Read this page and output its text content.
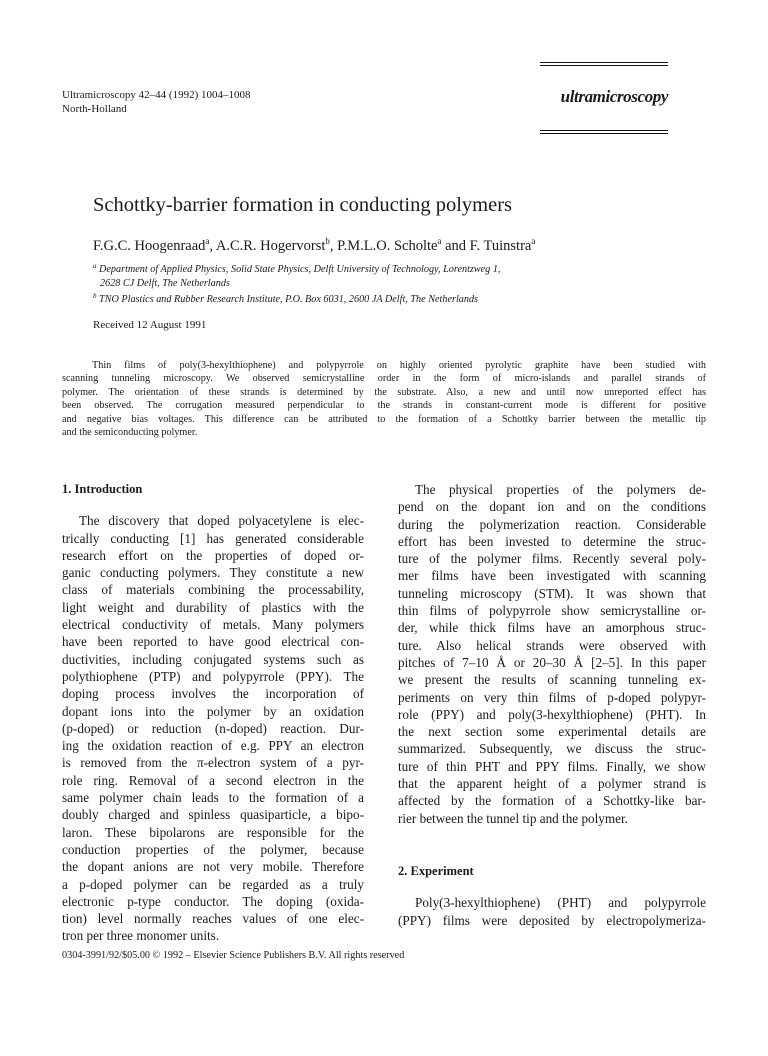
Ultramicroscopy 42–44 (1992) 1004–1008
North-Holland
ultramicroscopy
Schottky-barrier formation in conducting polymers
F.G.C. Hoogenraad$^a$, A.C.R. Hogervorst$^b$, P.M.L.O. Scholte$^a$ and F. Tuinstra$^a$
$^a$ Department of Applied Physics, Solid State Physics, Delft University of Technology, Lorentzweg 1,
2628 CJ Delft, The Netherlands
$^b$ TNO Plastics and Rubber Research Institute, P.O. Box 6031, 2600 JA Delft, The Netherlands
Received 12 August 1991
Thin films of poly(3-hexylthiophene) and polypyrrole on highly oriented pyrolytic graphite have been studied with
scanning tunneling microscopy. We observed semicrystalline order in the form of micro-islands and parallel strands of
polymer. The orientation of these strands is determined by the substrate. Also, a new and until now unreported effect has
been observed. The corrugation measured perpendicular to the strands in constant-current mode is different for positive
and negative bias voltages. This difference can be attributed to the formation of a Schottky barrier between the metallic tip
and the semiconducting polymer.
1. Introduction
The discovery that doped polyacetylene is elec-
trically conducting [1] has generated considerable
research effort on the properties of doped or-
ganic conducting polymers. They constitute a new
class of materials combining the processability,
light weight and durability of plastics with the
electrical conductivity of metals. Many polymers
have been reported to have good electrical con-
ductivities, including conjugated systems such as
polythiophene (PTP) and polypyrrole (PPY). The
doping process involves the incorporation of
dopant ions into the polymer by an oxidation
(p-doped) or reduction (n-doped) reaction. Dur-
ing the oxidation reaction of e.g. PPY an electron
is removed from the π-electron system of a pyr-
role ring. Removal of a second electron in the
same polymer chain leads to the formation of a
doubly charged and spinless quasiparticle, a bipo-
laron. These bipolarons are responsible for the
conduction properties of the polymer, because
the dopant anions are not very mobile. Therefore
a p-doped polymer can be regarded as a truly
electronic p-type conductor. The doping (oxida-
tion) level normally reaches values of one elec-
tron per three monomer units.
The physical properties of the polymers de-
pend on the dopant ion and on the conditions
during the polymerization reaction. Considerable
effort has been invested to determine the struc-
ture of the polymer films. Recently several poly-
mer films have been investigated with scanning
tunneling microscopy (STM). It was shown that
thin films of polypyrrole show semicrystalline or-
der, while thick films have an amorphous struc-
ture. Also helical strands were observed with
pitches of 7–10 Å or 20–30 Å [2–5]. In this paper
we present the results of scanning tunneling ex-
periments on very thin films of p-doped polypyr-
role (PPY) and poly(3-hexylthiophene) (PHT). In
the next section some experimental details are
summarized. Subsequently, we discuss the struc-
ture of thin PHT and PPY films. Finally, we show
that the apparent height of a polymer strand is
affected by the formation of a Schottky-like bar-
rier between the tunnel tip and the polymer.
2. Experiment
Poly(3-hexylthiophene) (PHT) and polypyrrole
(PPY) films were deposited by electropolymeriza-
0304-3991/92/$05.00 © 1992 – Elsevier Science Publishers B.V. All rights reserved
